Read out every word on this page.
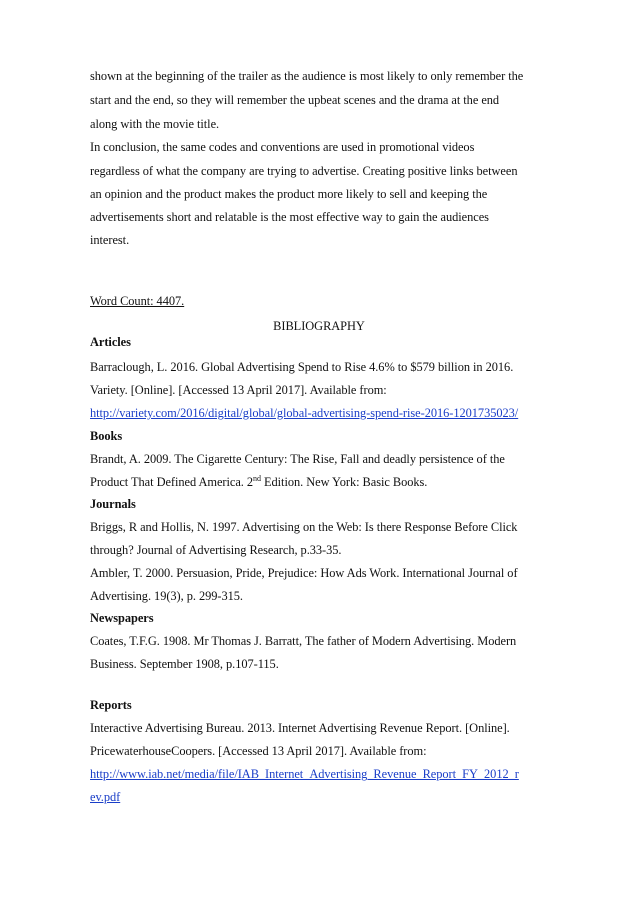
shown at the beginning of the trailer as the audience is most likely to only remember the
start and the end, so they will remember the upbeat scenes and the drama at the end
along with the movie title.
In conclusion, the same codes and conventions are used in promotional videos
regardless of what the company are trying to advertise. Creating positive links between
an opinion and the product makes the product more likely to sell and keeping the
advertisements short and relatable is the most effective way to gain the audiences
interest.
Word Count: 4407.
BIBLIOGRAPHY
Articles
Barraclough, L. 2016. Global Advertising Spend to Rise 4.6% to $579 billion in 2016.
Variety. [Online]. [Accessed 13 April 2017]. Available from:
http://variety.com/2016/digital/global/global-advertising-spend-rise-2016-1201735023/
Books
Brandt, A. 2009. The Cigarette Century: The Rise, Fall and deadly persistence of the
Product That Defined America. 2nd Edition. New York: Basic Books.
Journals
Briggs, R and Hollis, N. 1997. Advertising on the Web: Is there Response Before Click
through? Journal of Advertising Research, p.33-35.
Ambler, T. 2000. Persuasion, Pride, Prejudice: How Ads Work. International Journal of
Advertising. 19(3), p. 299-315.
Newspapers
Coates, T.F.G. 1908. Mr Thomas J. Barratt, The father of Modern Advertising. Modern
Business. September 1908, p.107-115.
Reports
Interactive Advertising Bureau. 2013. Internet Advertising Revenue Report. [Online].
PricewaterhouseCoopers. [Accessed 13 April 2017]. Available from:
http://www.iab.net/media/file/IAB_Internet_Advertising_Revenue_Report_FY_2012_r
ev.pdf
